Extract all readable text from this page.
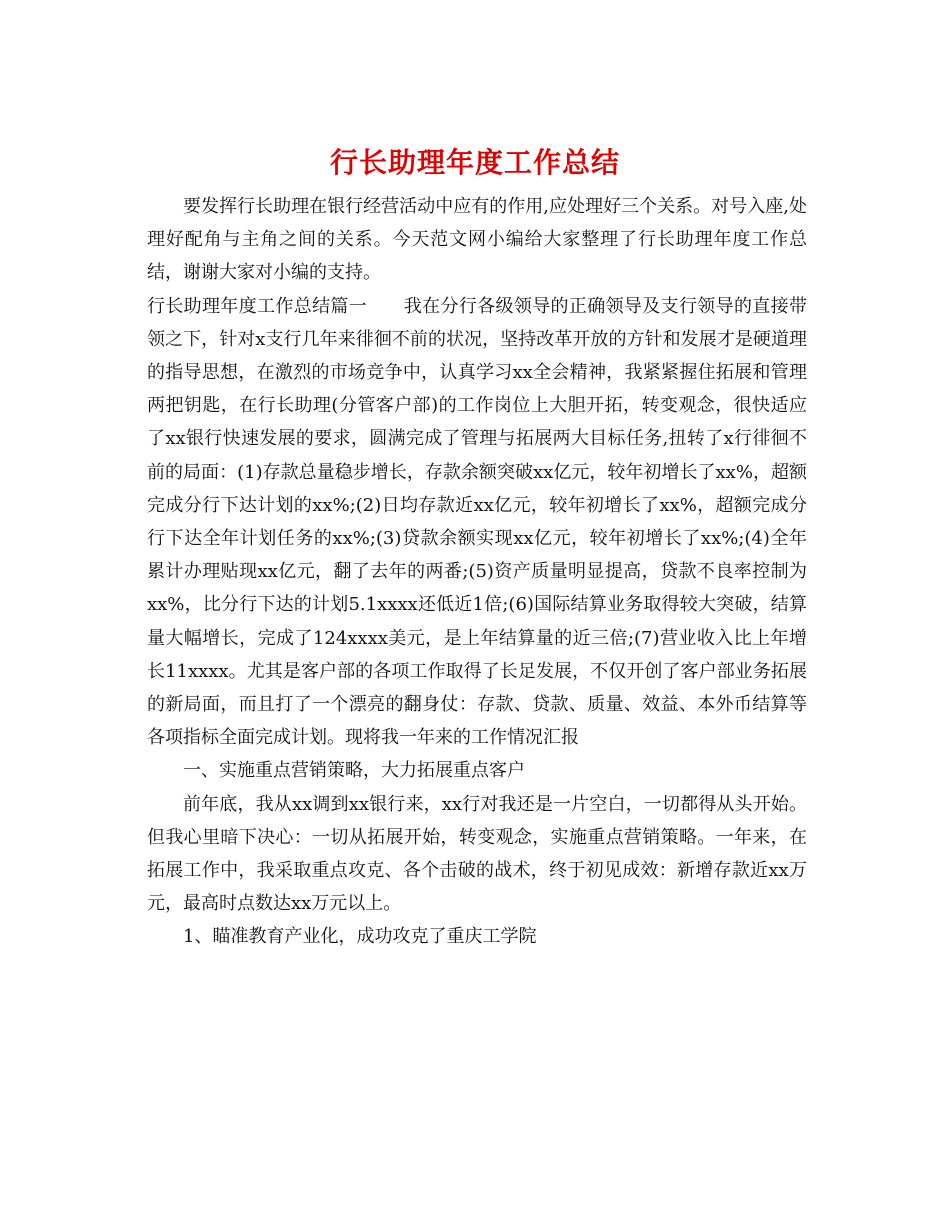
行长助理年度工作总结

要发挥行长助理在银行经营活动中应有的作用,应处理好三个关系。对号入座,处理好配角与主角之间的关系。今天范文网小编给大家整理了行长助理年度工作总结，谢谢大家对小编的支持。

行长助理年度工作总结篇一　　我在分行各级领导的正确领导及支行领导的直接带领之下，针对x支行几年来徘徊不前的状况，坚持改革开放的方针和发展才是硬道理的指导思想，在激烈的市场竞争中，认真学习xx全会精神，我紧紧握住拓展和管理两把钥匙，在行长助理(分管客户部)的工作岗位上大胆开拓，转变观念，很快适应了xx银行快速发展的要求，圆满完成了管理与拓展两大目标任务,扭转了x行徘徊不前的局面：(1)存款总量稳步增长，存款余额突破xx亿元，较年初增长了xx%，超额完成分行下达计划的xx%;(2)日均存款近xx亿元，较年初增长了xx%，超额完成分行下达全年计划任务的xx%;(3)贷款余额实现xx亿元，较年初增长了xx%;(4)全年累计办理贴现xx亿元，翻了去年的两番;(5)资产质量明显提高，贷款不良率控制为xx%，比分行下达的计划5.1xxxx还低近1倍;(6)国际结算业务取得较大突破，结算量大幅增长，完成了124xxxx美元，是上年结算量的近三倍;(7)营业收入比上年增长11xxxx。尤其是客户部的各项工作取得了长足发展，不仅开创了客户部业务拓展的新局面，而且打了一个漂亮的翻身仗：存款、贷款、质量、效益、本外币结算等各项指标全面完成计划。现将我一年来的工作情况汇报

一、实施重点营销策略，大力拓展重点客户

前年底，我从xx调到xx银行来，xx行对我还是一片空白，一切都得从头开始。但我心里暗下决心：一切从拓展开始，转变观念，实施重点营销策略。一年来，在拓展工作中，我采取重点攻克、各个击破的战术，终于初见成效：新增存款近xx万元，最高时点数达xx万元以上。

1、瞄准教育产业化，成功攻克了重庆工学院
